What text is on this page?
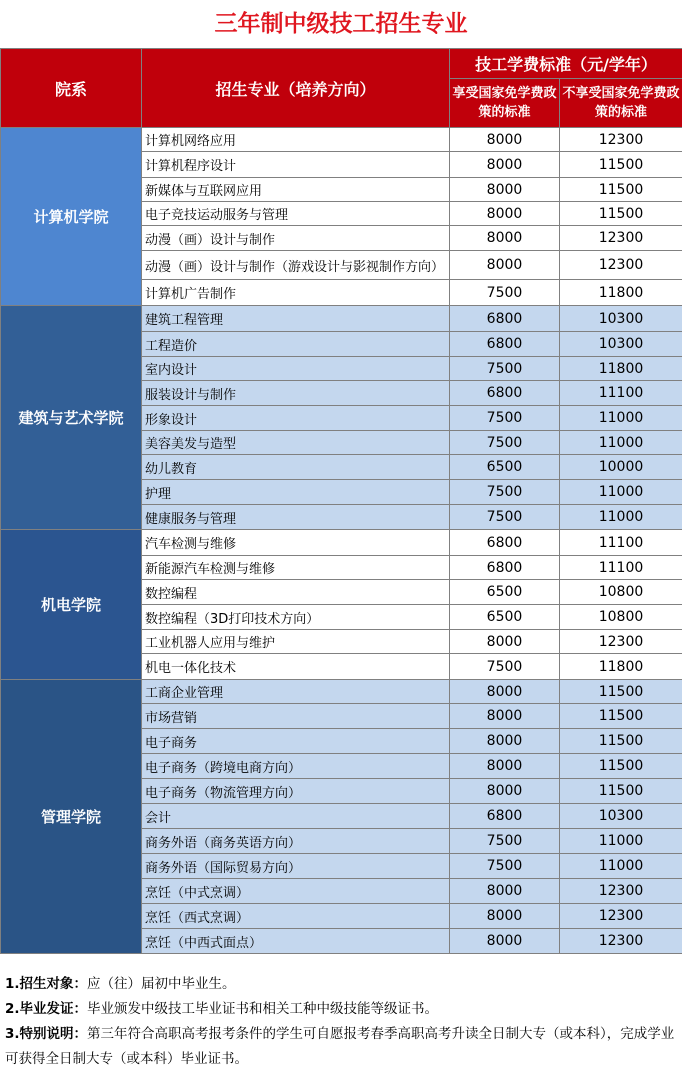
三年制中级技工招生专业
院系	招生专业（培养方向）	技工学费标准（元/学年）	
		享受国家免学费政策的标准	不享受国家免学费政策的标准
计算机学院	计算机网络应用	8000	12300
	计算机程序设计	8000	11500
	新媒体与互联网应用	8000	11500
	电子竞技运动服务与管理	8000	11500
	动漫（画）设计与制作	8000	12300
	动漫（画）设计与制作（游戏设计与影视制作方向）	8000	12300
	计算机广告制作	7500	11800
建筑与艺术学院	建筑工程管理	6800	10300
	工程造价	6800	10300
	室内设计	7500	11800
	服装设计与制作	6800	11100
	形象设计	7500	11000
	美容美发与造型	7500	11000
	幼儿教育	6500	10000
	护理	7500	11000
	健康服务与管理	7500	11000
机电学院	汽车检测与维修	6800	11100
	新能源汽车检测与维修	6800	11100
	数控编程	6500	10800
	数控编程（3D打印技术方向）	6500	10800
	工业机器人应用与维护	8000	12300
	机电一体化技术	7500	11800
管理学院	工商企业管理	8000	11500
	市场营销	8000	11500
	电子商务	8000	11500
	电子商务（跨境电商方向）	8000	11500
	电子商务（物流管理方向）	8000	11500
	会计	6800	10300
	商务外语（商务英语方向）	7500	11000
	商务外语（国际贸易方向）	7500	11000
	烹饪（中式烹调）	8000	12300
	烹饪（西式烹调）	8000	12300
	烹饪（中西式面点）	8000	12300

1.招生对象：应（往）届初中毕业生。

2.毕业发证：毕业颁发中级技工毕业证书和相关工种中级技能等级证书。

3.特别说明：第三年符合高职高考报考条件的学生可自愿报考春季高职高考升读全日制大专（或本科），完成学业可获得全日制大专（或本科）毕业证书。
